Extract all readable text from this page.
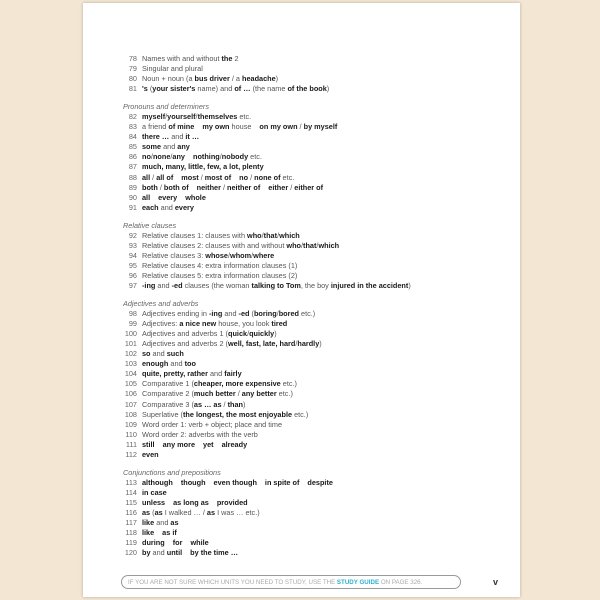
78 Names with and without the 2
79 Singular and plural
80 Noun + noun (a bus driver / a headache)
81 's (your sister's name) and of … (the name of the book)
Pronouns and determiners
82 myself/yourself/themselves etc.
83 a friend of mine my own house on my own / by myself
84 there … and it …
85 some and any
86 no/none/any nothing/nobody etc.
87 much, many, little, few, a lot, plenty
88 all / all of most / most of no / none of etc.
89 both / both of neither / neither of either / either of
90 all every whole
91 each and every
Relative clauses
92 Relative clauses 1: clauses with who/that/which
93 Relative clauses 2: clauses with and without who/that/which
94 Relative clauses 3: whose/whom/where
95 Relative clauses 4: extra information clauses (1)
96 Relative clauses 5: extra information clauses (2)
97 -ing and -ed clauses (the woman talking to Tom, the boy injured in the accident)
Adjectives and adverbs
98 Adjectives ending in -ing and -ed (boring/bored etc.)
99 Adjectives: a nice new house, you look tired
100 Adjectives and adverbs 1 (quick/quickly)
101 Adjectives and adverbs 2 (well, fast, late, hard/hardly)
102 so and such
103 enough and too
104 quite, pretty, rather and fairly
105 Comparative 1 (cheaper, more expensive etc.)
106 Comparative 2 (much better / any better etc.)
107 Comparative 3 (as … as / than)
108 Superlative (the longest, the most enjoyable etc.)
109 Word order 1: verb + object; place and time
110 Word order 2: adverbs with the verb
111 still any more yet already
112 even
Conjunctions and prepositions
113 although though even though in spite of despite
114 in case
115 unless as long as provided
116 as (as I walked … / as I was … etc.)
117 like and as
118 like as if
119 during for while
120 by and until by the time …
IF YOU ARE NOT SURE WHICH UNITS YOU NEED TO STUDY, USE THE STUDY GUIDE ON PAGE 326.	v
